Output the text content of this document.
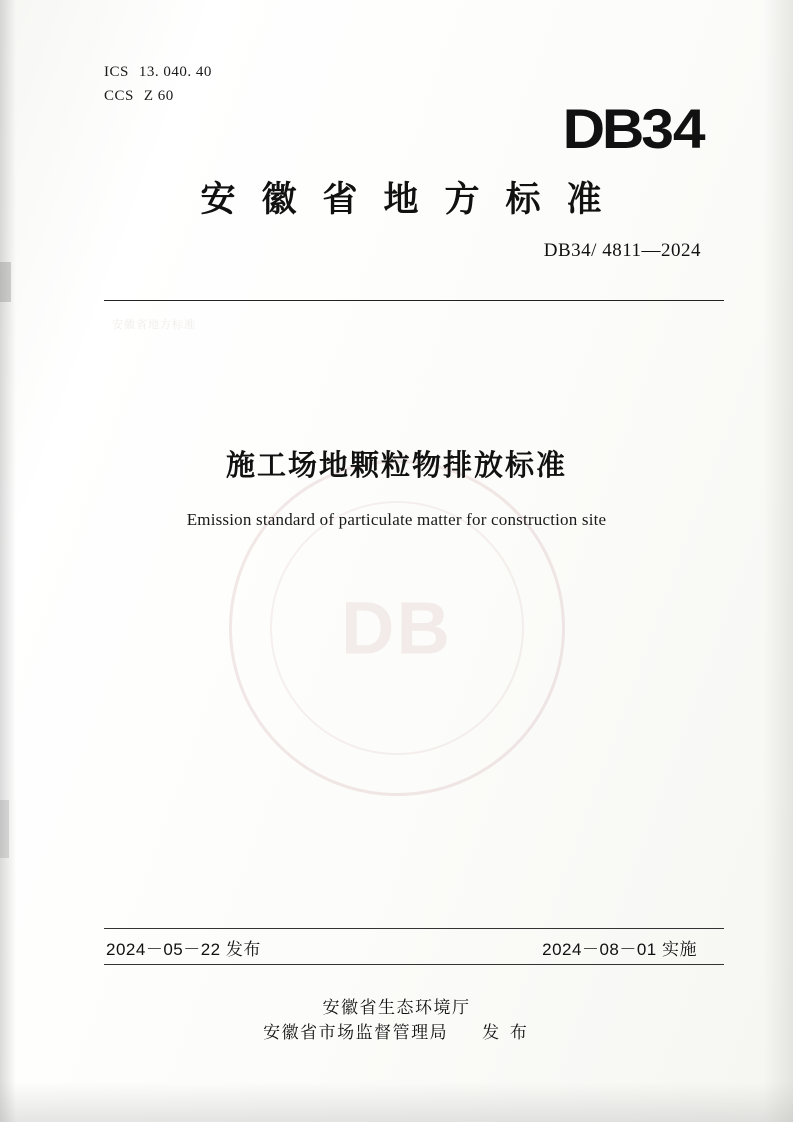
DB
安徽省地方标准
ICS 13. 040. 40
CCS Z 60
DB34
安徽省地方标准
DB34/ 4811—2024
施工场地颗粒物排放标准
Emission standard of particulate matter for construction site
2024－05－22 发布	2024－08－01 实施
安徽省生态环境厅
安徽省市场监督管理局 发 布
